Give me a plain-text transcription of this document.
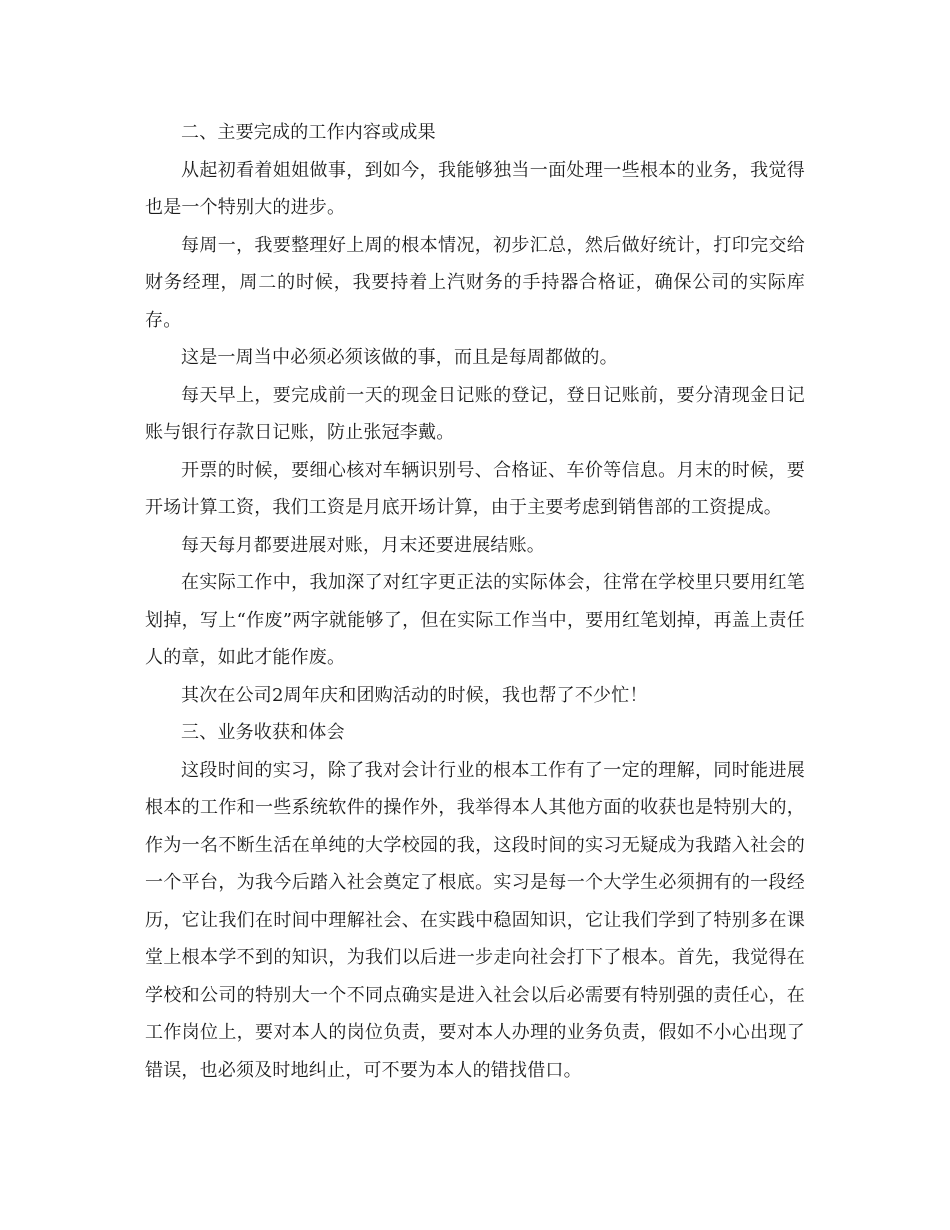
二、主要完成的工作内容或成果

从起初看着姐姐做事，到如今，我能够独当一面处理一些根本的业务，我觉得也是一个特别大的进步。

每周一，我要整理好上周的根本情况，初步汇总，然后做好统计，打印完交给财务经理，周二的时候，我要持着上汽财务的手持器合格证，确保公司的实际库存。

这是一周当中必须必须该做的事，而且是每周都做的。

每天早上，要完成前一天的现金日记账的登记，登日记账前，要分清现金日记账与银行存款日记账，防止张冠李戴。

开票的时候，要细心核对车辆识别号、合格证、车价等信息。月末的时候，要开场计算工资，我们工资是月底开场计算，由于主要考虑到销售部的工资提成。

每天每月都要进展对账，月末还要进展结账。

在实际工作中，我加深了对红字更正法的实际体会，往常在学校里只要用红笔划掉，写上“作废”两字就能够了，但在实际工作当中，要用红笔划掉，再盖上责任人的章，如此才能作废。

其次在公司2周年庆和团购活动的时候，我也帮了不少忙！

三、业务收获和体会

这段时间的实习，除了我对会计行业的根本工作有了一定的理解，同时能进展根本的工作和一些系统软件的操作外，我举得本人其他方面的收获也是特别大的，作为一名不断生活在单纯的大学校园的我，这段时间的实习无疑成为我踏入社会的一个平台，为我今后踏入社会奠定了根底。实习是每一个大学生必须拥有的一段经历，它让我们在时间中理解社会、在实践中稳固知识，它让我们学到了特别多在课堂上根本学不到的知识，为我们以后进一步走向社会打下了根本。首先，我觉得在学校和公司的特别大一个不同点确实是进入社会以后必需要有特别强的责任心，在工作岗位上，要对本人的岗位负责，要对本人办理的业务负责，假如不小心出现了错误，也必须及时地纠止，可不要为本人的错找借口。
